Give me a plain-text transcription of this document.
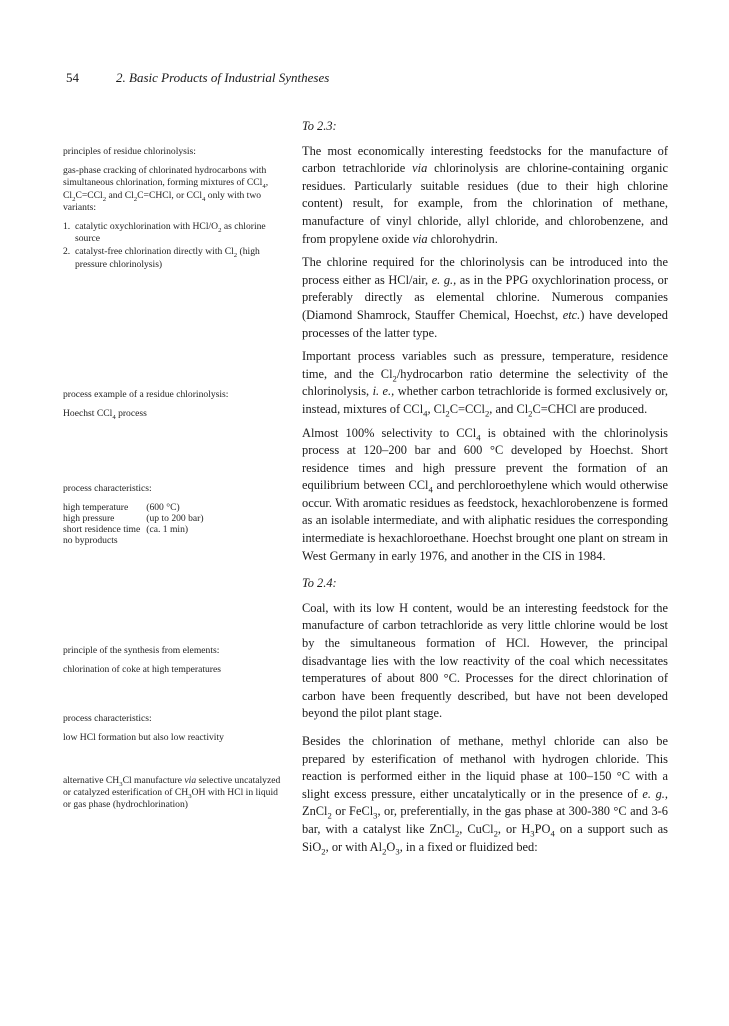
54	2. Basic Products of Industrial Syntheses

principles of residue chlorinolysis:

gas-phase cracking of chlorinated hydrocarbons with simultaneous chlorination, forming mixtures of CCl$_4$, $Cl_2C=CCl_2$ and $Cl_2C=CHCl$, or CCl$_4$ only with two variants:

1. catalytic oxychlorination with HCl/$O_2$ as chlorine source
2. catalyst-free chlorination directly with $Cl_2$ (high pressure chlorinolysis)

process example of a residue chlorinolysis:

Hoechst CCl$_4$ process

process characteristics:

high temperature	(600 °C)
high pressure	(up to 200 bar)
short residence time	(ca. 1 min)
no byproducts	

principle of the synthesis from elements:

chlorination of coke at high temperatures

process characteristics:

low HCl formation but also low reactivity

alternative $CH_3Cl$ manufacture via selective uncatalyzed or catalyzed esterification of $CH_3OH$ with HCl in liquid or gas phase (hydrochlorination)

To 2.3:

The most economically interesting feedstocks for the manufacture of carbon tetrachloride via chlorinolysis are chlorine-containing organic residues. Particularly suitable residues (due to their high chlorine content) result, for example, from the chlorination of methane, manufacture of vinyl chloride, allyl chloride, and chlorobenzene, and from propylene oxide via chlorohydrin.

The chlorine required for the chlorinolysis can be introduced into the process either as HCl/air, e. g., as in the PPG oxychlorination process, or preferably directly as elemental chlorine. Numerous companies (Diamond Shamrock, Stauffer Chemical, Hoechst, etc.) have developed processes of the latter type.

Important process variables such as pressure, temperature, residence time, and the $Cl_2$/hydrocarbon ratio determine the selectivity of the chlorinolysis, i. e., whether carbon tetrachloride is formed exclusively or, instead, mixtures of CCl$_4$, $Cl_2C=CCl_2$, and $Cl_2C=CHCl$ are produced.

Almost 100% selectivity to CCl$_4$ is obtained with the chlorinolysis process at 120–200 bar and 600 °C developed by Hoechst. Short residence times and high pressure prevent the formation of an equilibrium between CCl$_4$ and perchloroethylene which would otherwise occur. With aromatic residues as feedstock, hexachlorobenzene is formed as an isolable intermediate, and with aliphatic residues the corresponding intermediate is hexachloroethane. Hoechst brought one plant on stream in West Germany in early 1976, and another in the CIS in 1984.

To 2.4:

Coal, with its low H content, would be an interesting feedstock for the manufacture of carbon tetrachloride as very little chlorine would be lost by the simultaneous formation of HCl. However, the principal disadvantage lies with the low reactivity of the coal which necessitates temperatures of about 800 °C. Processes for the direct chlorination of carbon have been frequently described, but have not been developed beyond the pilot plant stage.

Besides the chlorination of methane, methyl chloride can also be prepared by esterification of methanol with hydrogen chloride. This reaction is performed either in the liquid phase at 100–150 °C with a slight excess pressure, either uncatalytically or in the presence of e. g., ZnCl$_2$ or FeCl$_3$, or, preferentially, in the gas phase at 300-380 °C and 3-6 bar, with a catalyst like ZnCl$_2$, CuCl$_2$, or $H_3PO_4$ on a support such as SiO$_2$, or with $Al_2O_3$, in a fixed or fluidized bed:
